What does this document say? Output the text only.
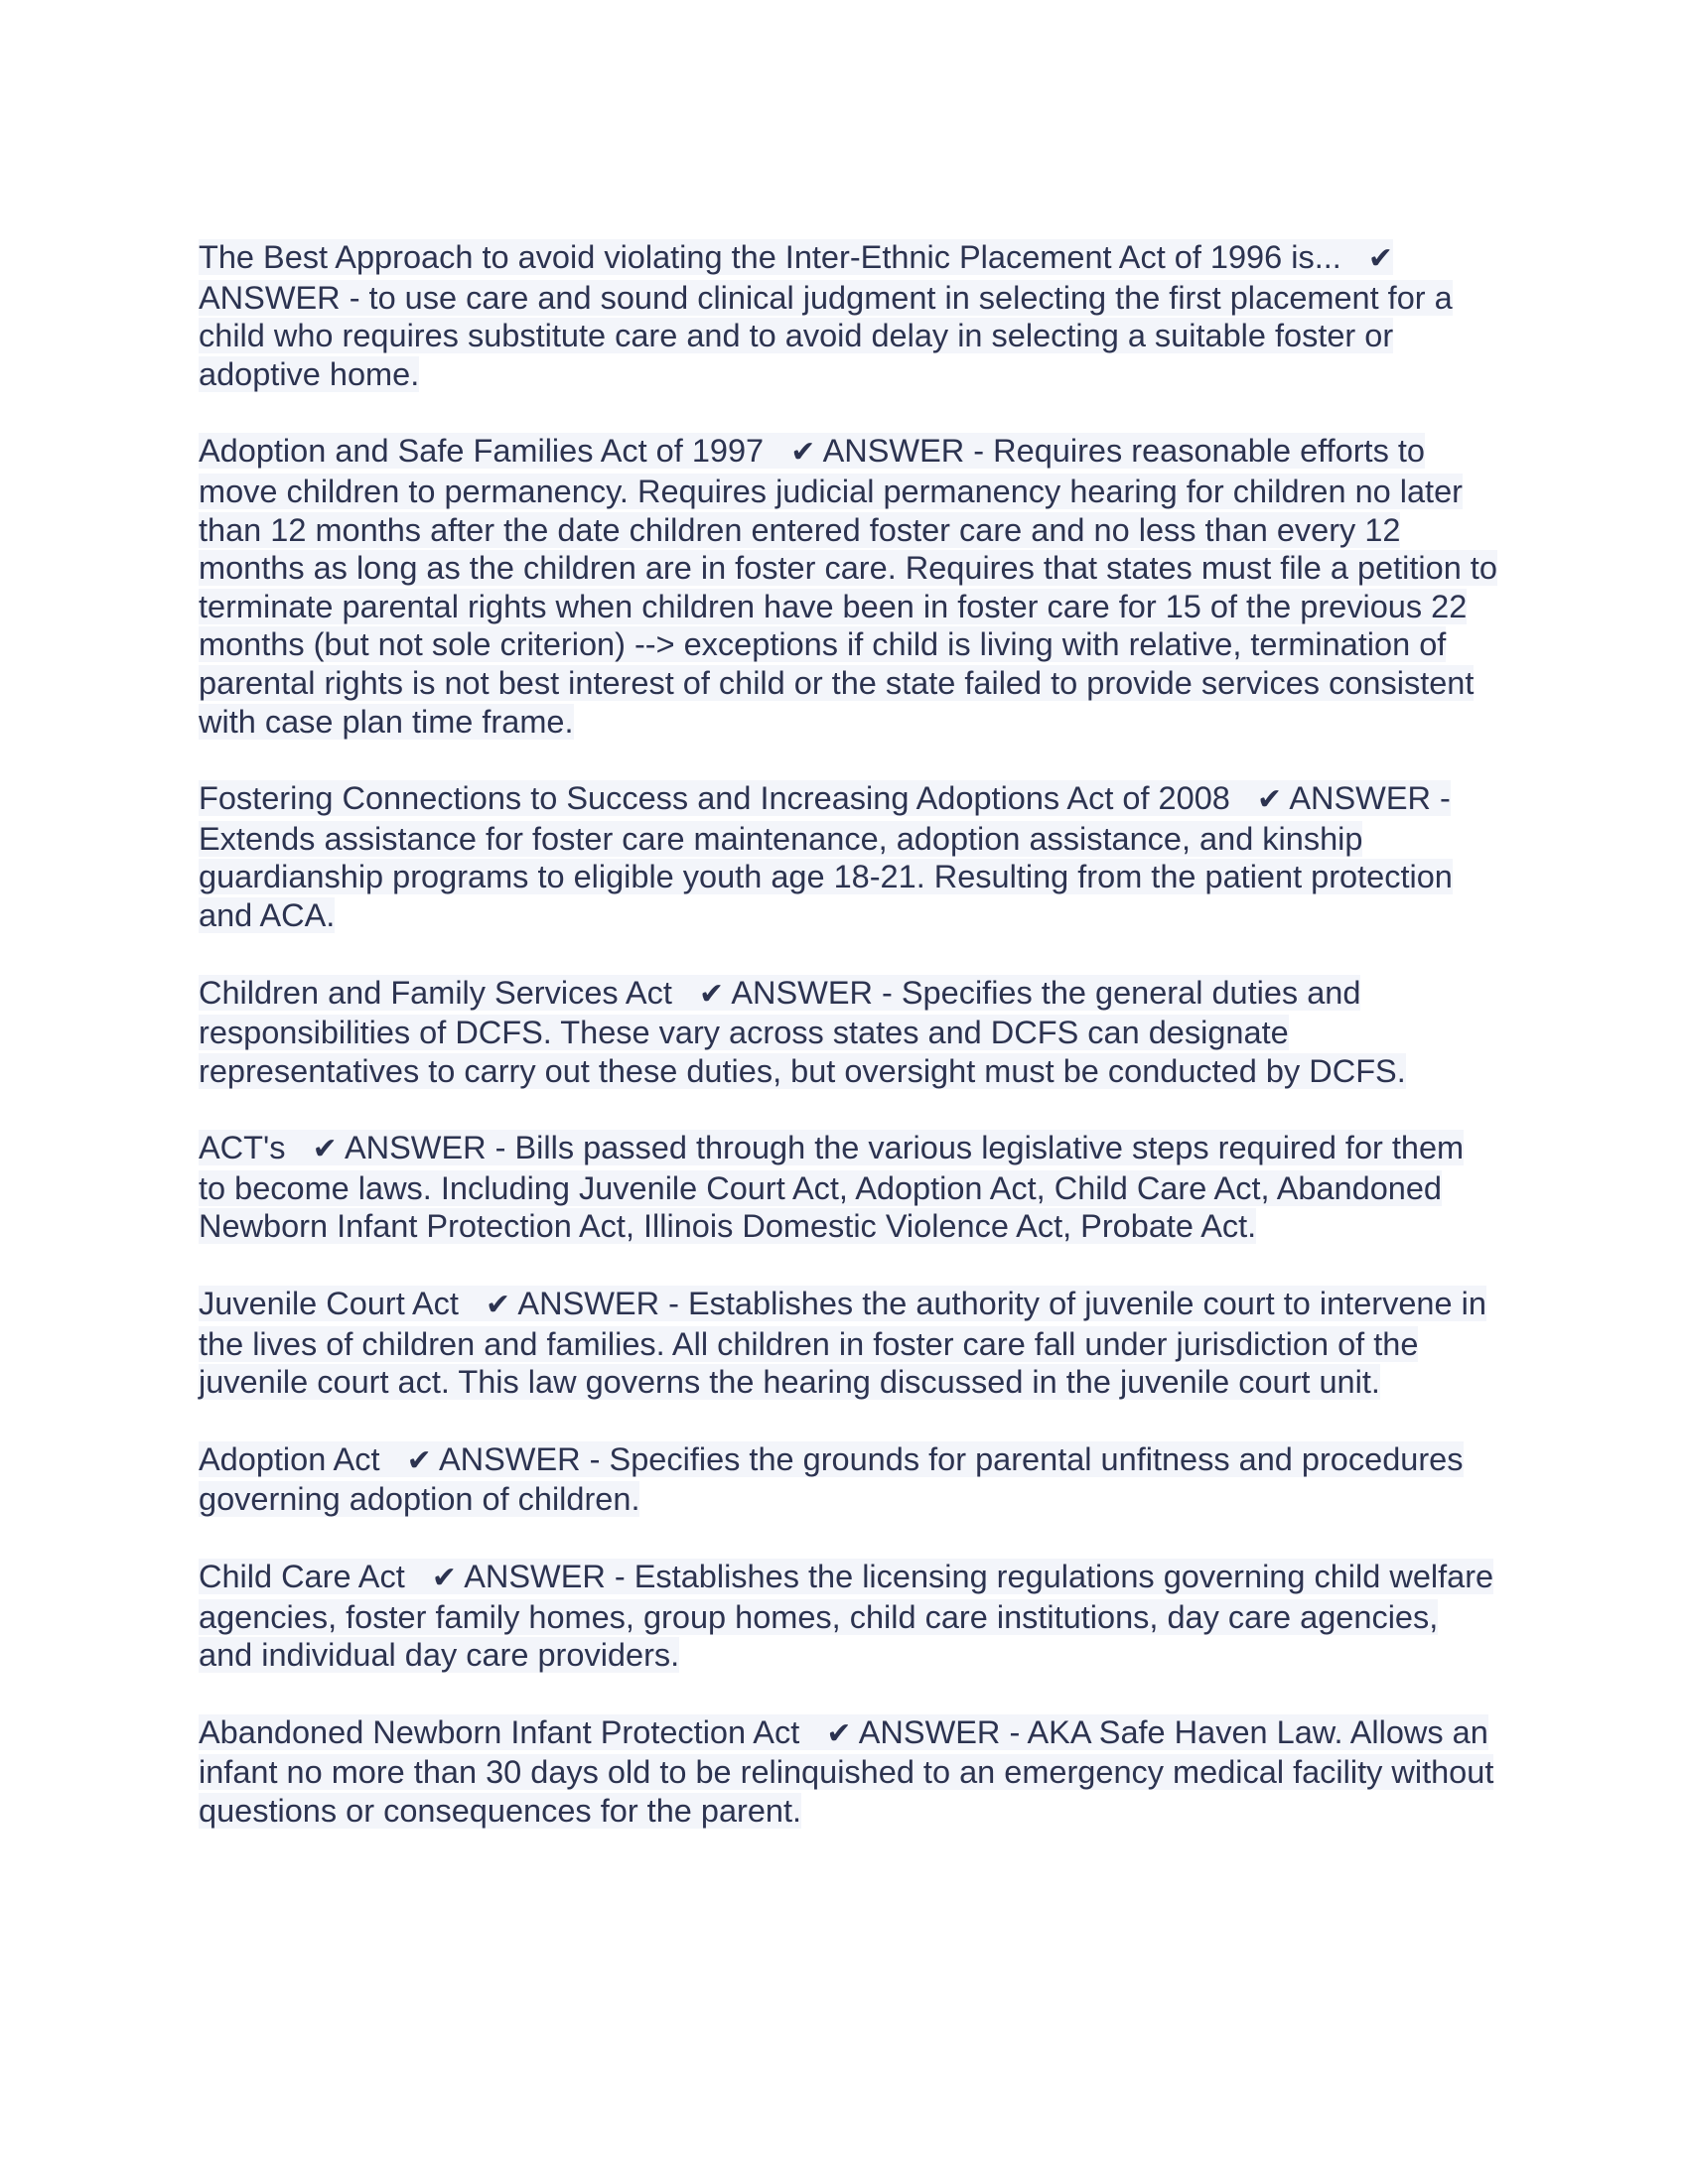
The Best Approach to avoid violating the Inter-Ethnic Placement Act of 1996 is... ✔ ANSWER - to use care and sound clinical judgment in selecting the first placement for a child who requires substitute care and to avoid delay in selecting a suitable foster or adoptive home.

Adoption and Safe Families Act of 1997 ✔ ANSWER - Requires reasonable efforts to move children to permanency. Requires judicial permanency hearing for children no later than 12 months after the date children entered foster care and no less than every 12 months as long as the children are in foster care. Requires that states must file a petition to terminate parental rights when children have been in foster care for 15 of the previous 22 months (but not sole criterion) --> exceptions if child is living with relative, termination of parental rights is not best interest of child or the state failed to provide services consistent with case plan time frame.

Fostering Connections to Success and Increasing Adoptions Act of 2008 ✔ ANSWER - Extends assistance for foster care maintenance, adoption assistance, and kinship guardianship programs to eligible youth age 18-21. Resulting from the patient protection and ACA.

Children and Family Services Act ✔ ANSWER - Specifies the general duties and responsibilities of DCFS. These vary across states and DCFS can designate representatives to carry out these duties, but oversight must be conducted by DCFS.

ACT's ✔ ANSWER - Bills passed through the various legislative steps required for them to become laws. Including Juvenile Court Act, Adoption Act, Child Care Act, Abandoned Newborn Infant Protection Act, Illinois Domestic Violence Act, Probate Act.

Juvenile Court Act ✔ ANSWER - Establishes the authority of juvenile court to intervene in the lives of children and families. All children in foster care fall under jurisdiction of the juvenile court act. This law governs the hearing discussed in the juvenile court unit.

Adoption Act ✔ ANSWER - Specifies the grounds for parental unfitness and procedures governing adoption of children.

Child Care Act ✔ ANSWER - Establishes the licensing regulations governing child welfare agencies, foster family homes, group homes, child care institutions, day care agencies, and individual day care providers.

Abandoned Newborn Infant Protection Act ✔ ANSWER - AKA Safe Haven Law. Allows an infant no more than 30 days old to be relinquished to an emergency medical facility without questions or consequences for the parent.
